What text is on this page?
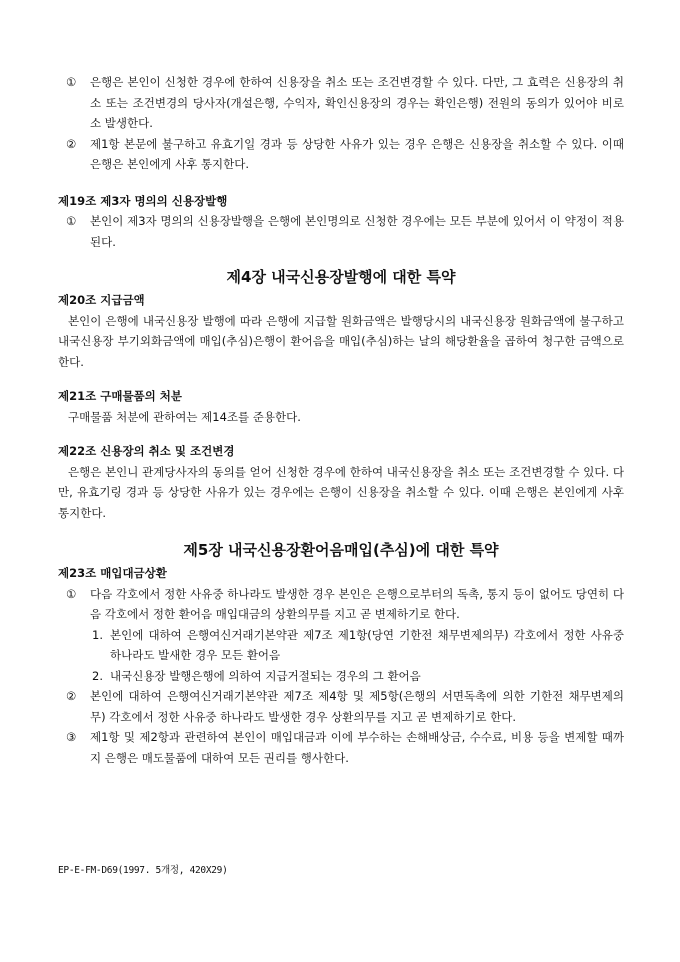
①	은행은 본인이 신청한 경우에 한하여 신용장을 취소 또는 조건변경할 수 있다. 다만, 그 효력은 신용장의 취소 또는 조건변경의 당사자(개설은행, 수익자, 확인신용장의 경우는 확인은행) 전원의 동의가 있어야 비로소 발생한다.
②	제1항 본문에 불구하고 유효기일 경과 등 상당한 사유가 있는 경우 은행은 신용장을 취소할 수 있다. 이때 은행은 본인에게 사후 통지한다.
제19조 제3자 명의의 신용장발행
①	본인이 제3자 명의의 신용장발행을 은행에 본인명의로 신청한 경우에는 모든 부분에 있어서 이 약정이 적용된다.
제4장 내국신용장발행에 대한 특약
제20조 지급금액
본인이 은행에 내국신용장 발행에 따라 은행에 지급할 원화금액은 발행당시의 내국신용장 원화금액에 불구하고 내국신용장 부기외화금액에 매입(추심)은행이 환어음을 매입(추심)하는 날의 해당환율을 곱하여 청구한 금액으로 한다.
제21조 구매물품의 처분
구매물품 처분에 관하여는 제14조를 준용한다.
제22조 신용장의 취소 및 조건변경
은행은 본인니 관계당사자의 동의를 얻어 신청한 경우에 한하여 내국신용장을 취소 또는 조건변경할 수 있다. 다만, 유효기링 경과 등 상당한 사유가 있는 경우에는 은행이 신용장을 취소할 수 있다. 이때 은행은 본인에게 사후 통지한다.
제5장 내국신용장환어음매입(추심)에 대한 특약
제23조 매입대금상환
①	다음 각호에서 정한 사유중 하나라도 발생한 경우 본인은 은행으로부터의 독촉, 통지 등이 없어도 당연히 다음 각호에서 정한 환어음 매입대금의 상환의무를 지고 곧 변제하기로 한다.
1. 본인에 대하여 은행여신거래기본약관 제7조 제1항(당연 기한전 채무변제의무) 각호에서 정한 사유중 하나라도 발새한 경우 모든 환어음
2. 내국신용장 발행은행에 의하여 지급거절되는 경우의 그 환어음
②	본인에 대하여 은행여신거래기본약관 제7조 제4항 및 제5항(은행의 서면독촉에 의한 기한전 채무변제의무) 각호에서 정한 사유중 하나라도 발생한 경우 상환의무를 지고 곧 변제하기로 한다.
③	제1항 및 제2항과 관련하여 본인이 매입대금과 이에 부수하는 손해배상금, 수수료, 비용 등을 변제할 때까지 은행은 매도물품에 대하여 모든 권리를 행사한다.
EP-E-FM-D69(1997. 5개정, 420X29)
